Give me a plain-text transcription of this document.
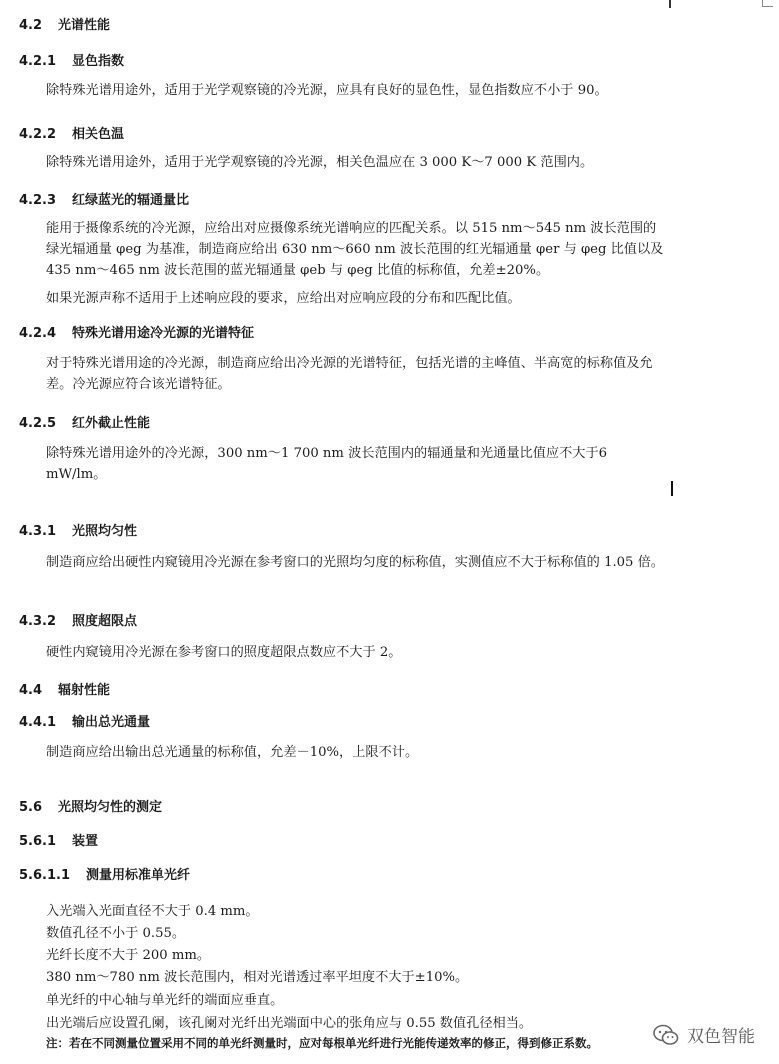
4.2 光谱性能
4.2.1 显色指数
除特殊光谱用途外，适用于光学观察镜的冷光源，应具有良好的显色性，显色指数应不小于 90。
4.2.2 相关色温
除特殊光谱用途外，适用于光学观察镜的冷光源，相关色温应在 3 000 K～7 000 K 范围内。
4.2.3 红绿蓝光的辐通量比
能用于摄像系统的冷光源，应给出对应摄像系统光谱响应的匹配关系。以 515 nm～545 nm 波长范围的绿光辐通量 φeg 为基准，制造商应给出 630 nm～660 nm 波长范围的红光辐通量 φer 与 φeg 比值以及 435 nm～465 nm 波长范围的蓝光辐通量 φeb 与 φeg 比值的标称值，允差±20%。
如果光源声称不适用于上述响应段的要求，应给出对应响应段的分布和匹配比值。
4.2.4 特殊光谱用途冷光源的光谱特征
对于特殊光谱用途的冷光源，制造商应给出冷光源的光谱特征，包括光谱的主峰值、半高宽的标称值及允差。冷光源应符合该光谱特征。
4.2.5 红外截止性能
除特殊光谱用途外的冷光源，300 nm～1 700 nm 波长范围内的辐通量和光通量比值应不大于6 mW/lm。
4.3.1 光照均匀性
制造商应给出硬性内窥镜用冷光源在参考窗口的光照均匀度的标称值，实测值应不大于标称值的 1.05 倍。
4.3.2 照度超限点
硬性内窥镜用冷光源在参考窗口的照度超限点数应不大于 2。
4.4 辐射性能
4.4.1 输出总光通量
制造商应给出输出总光通量的标称值，允差－10%，上限不计。
5.6 光照均匀性的测定
5.6.1 装置
5.6.1.1 测量用标准单光纤
入光端入光面直径不大于 0.4 mm。
数值孔径不小于 0.55。
光纤长度不大于 200 mm。
380 nm～780 nm 波长范围内，相对光谱透过率平坦度不大于±10%。
单光纤的中心轴与单光纤的端面应垂直。
出光端后应设置孔阑，该孔阑对光纤出光端面中心的张角应与 0.55 数值孔径相当。
注：若在不同测量位置采用不同的单光纤测量时，应对每根单光纤进行光能传递效率的修正，得到修正系数。	双色智能
